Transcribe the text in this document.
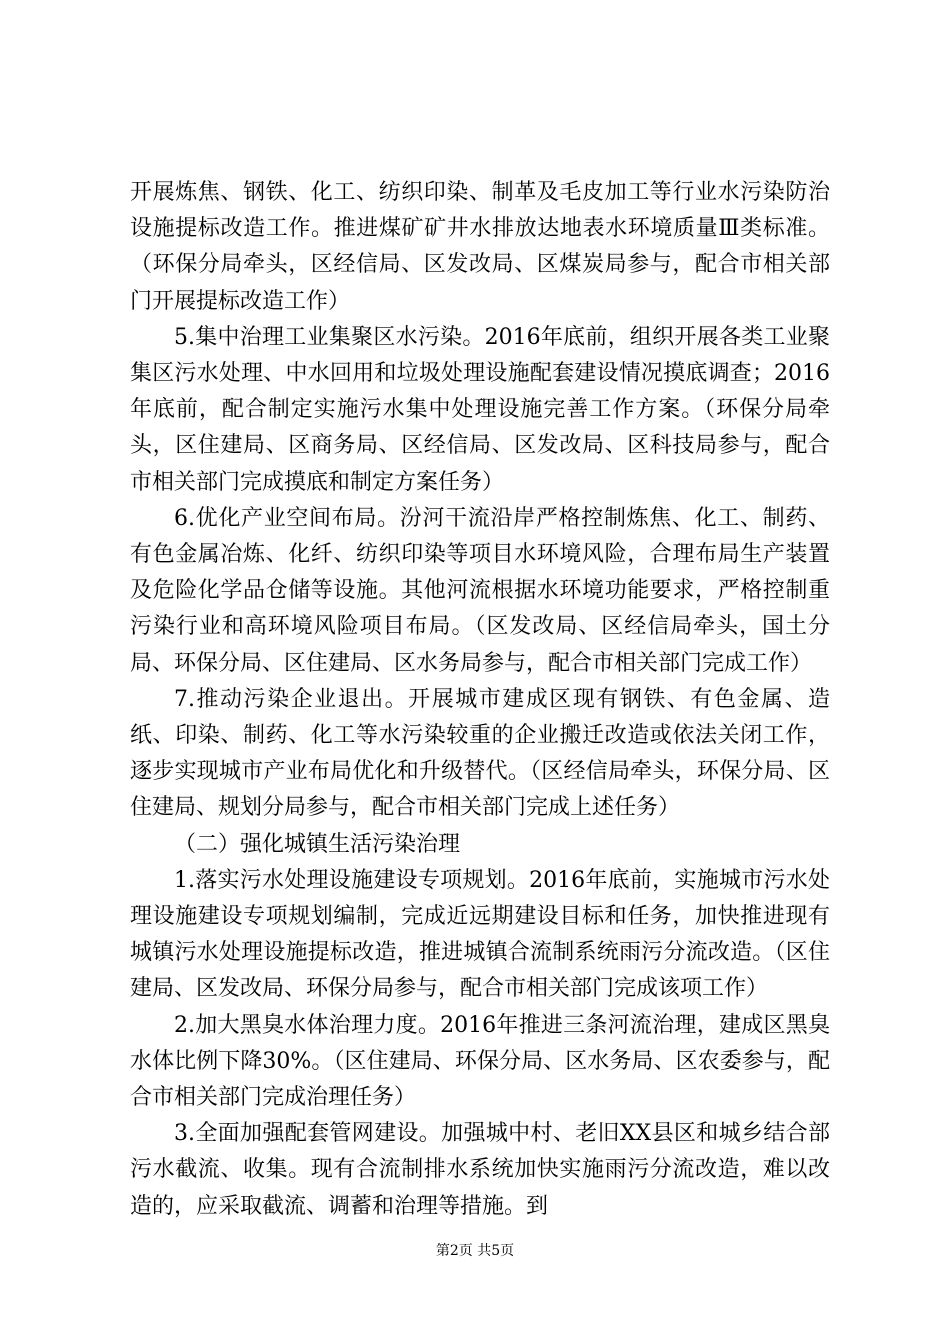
开展炼焦、钢铁、化工、纺织印染、制革及毛皮加工等行业水污染防治设施提标改造工作。推进煤矿矿井水排放达地表水环境质量Ⅲ类标准。（环保分局牵头，区经信局、区发改局、区煤炭局参与，配合市相关部门开展提标改造工作）

5.集中治理工业集聚区水污染。2016年底前，组织开展各类工业聚集区污水处理、中水回用和垃圾处理设施配套建设情况摸底调查；2016年底前，配合制定实施污水集中处理设施完善工作方案。（环保分局牵头，区住建局、区商务局、区经信局、区发改局、区科技局参与，配合市相关部门完成摸底和制定方案任务）

6.优化产业空间布局。汾河干流沿岸严格控制炼焦、化工、制药、有色金属冶炼、化纤、纺织印染等项目水环境风险，合理布局生产装置及危险化学品仓储等设施。其他河流根据水环境功能要求，严格控制重污染行业和高环境风险项目布局。（区发改局、区经信局牵头，国土分局、环保分局、区住建局、区水务局参与，配合市相关部门完成工作）

7.推动污染企业退出。开展城市建成区现有钢铁、有色金属、造纸、印染、制药、化工等水污染较重的企业搬迁改造或依法关闭工作，逐步实现城市产业布局优化和升级替代。（区经信局牵头，环保分局、区住建局、规划分局参与，配合市相关部门完成上述任务）

（二）强化城镇生活污染治理

1.落实污水处理设施建设专项规划。2016年底前，实施城市污水处理设施建设专项规划编制，完成近远期建设目标和任务，加快推进现有城镇污水处理设施提标改造，推进城镇合流制系统雨污分流改造。（区住建局、区发改局、环保分局参与，配合市相关部门完成该项工作）

2.加大黑臭水体治理力度。2016年推进三条河流治理，建成区黑臭水体比例下降30%。（区住建局、环保分局、区水务局、区农委参与，配合市相关部门完成治理任务）

3.全面加强配套管网建设。加强城中村、老旧XX县区和城乡结合部污水截流、收集。现有合流制排水系统加快实施雨污分流改造，难以改造的，应采取截流、调蓄和治理等措施。到

第2页 共5页
